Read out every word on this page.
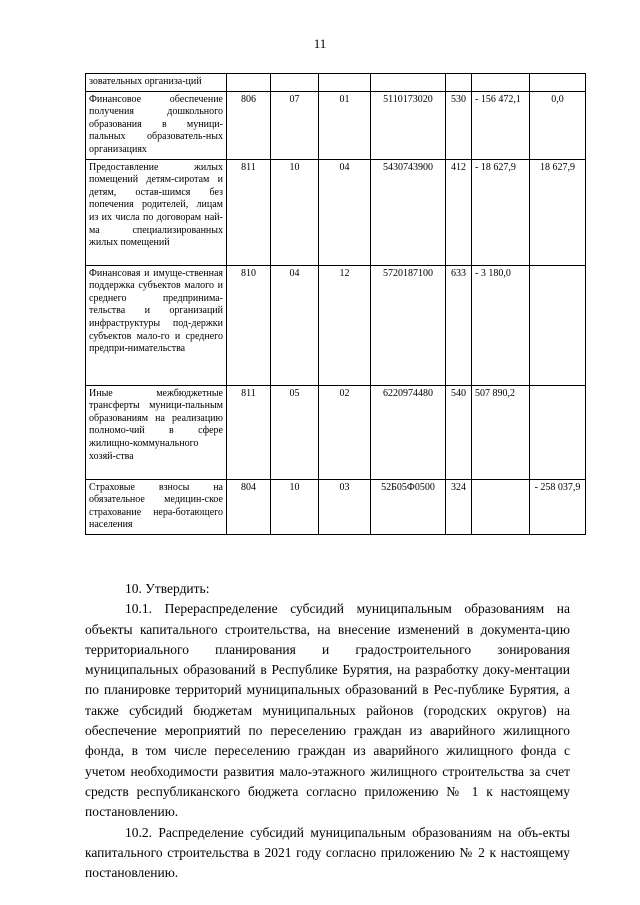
11
зовательных организа-ций							
Финансовое обеспечение получения дошкольного образования в муници-пальных образователь-ных организациях	806	07	01	5110173020	530	- 156 472,1	0,0
Предоставление жилых помещений детям-сиротам и детям, остав-шимся без попечения родителей, лицам из их числа по договорам най-ма специализированных жилых помещений	811	10	04	5430743900	412	- 18 627,9	18 627,9
Финансовая и имуще-ственная поддержка субъектов малого и среднего предпринима-тельства и организаций инфраструктуры под-держки субъектов мало-го и среднего предпри-нимательства	810	04	12	5720187100	633	- 3 180,0	
Иные межбюджетные трансферты муници-пальным образованиям на реализацию полномо-чий в сфере жилищно-коммунального хозяй-ства	811	05	02	6220974480	540	507 890,2	
Страховые взносы на обязательное медицин-ское страхование нера-ботающего населения	804	10	03	52Б05Ф0500	324		- 258 037,9

10. Утвердить:

10.1. Перераспределение субсидий муниципальным образованиям на объекты капитального строительства, на внесение изменений в документа-цию территориального планирования и градостроительного зонирования муниципальных образований в Республике Бурятия, на разработку доку-ментации по планировке территорий муниципальных образований в Рес-публике Бурятия, а также субсидий бюджетам муниципальных районов (городских округов) на обеспечение мероприятий по переселению граждан из аварийного жилищного фонда, в том числе переселению граждан из аварийного жилищного фонда с учетом необходимости развития мало-этажного жилищного строительства за счет средств республиканского бюджета согласно приложению № 1 к настоящему постановлению.

10.2. Распределение субсидий муниципальным образованиям на объ-екты капитального строительства в 2021 году согласно приложению № 2 к настоящему постановлению.
